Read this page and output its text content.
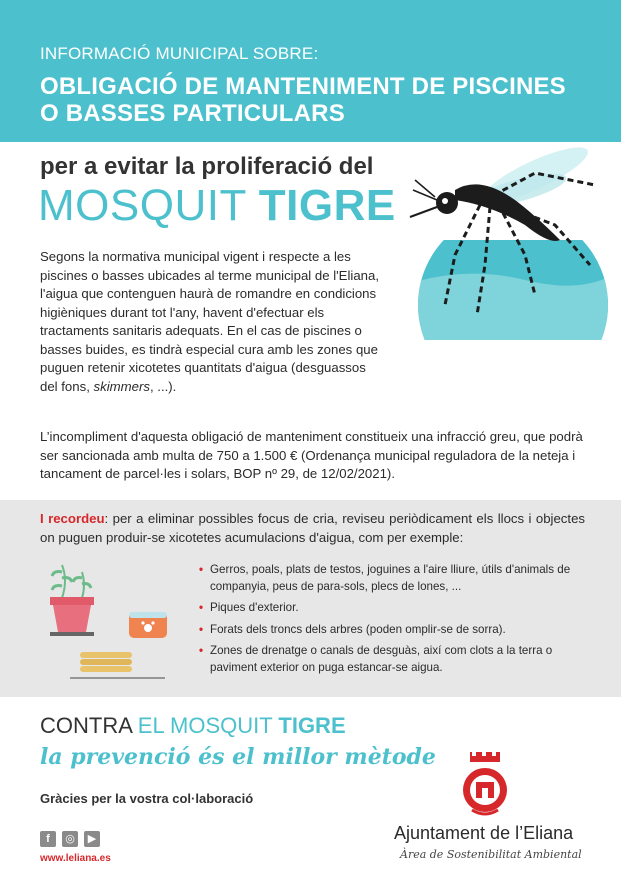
INFORMACIÓ MUNICIPAL SOBRE:
OBLIGACIÓ DE MANTENIMENT DE PISCINES
O BASSES PARTICULARS
per a evitar la proliferació del
MOSQUIT TIGRE
Segons la normativa municipal vigent i respecte a les piscines o basses ubicades al terme municipal de l'Eliana, l'aigua que contenguen haurà de romandre en condicions higièniques durant tot l'any, havent d'efectuar els tractaments sanitaris adequats. En el cas de piscines o basses buides, es tindrà especial cura amb les zones que puguen retenir xicotetes quantitats d'aigua (desguassos del fons, skimmers, ...).
L’incompliment d'aquesta obligació de manteniment constitueix una infracció greu, que podrà ser sancionada amb multa de 750 a 1.500 € (Ordenança municipal reguladora de la neteja i tancament de parcel·les i solars, BOP nº 29, de 12/02/2021).
I recordeu: per a eliminar possibles focus de cria, reviseu periòdicament els llocs i objectes on puguen produir-se xicotetes acumulacions d'aigua, com per exemple:
• Gerros, poals, plats de testos, joguines a l'aire lliure, útils d'animals de companyia, peus de para-sols, plecs de lones, ...
• Piques d'exterior.
• Forats dels troncs dels arbres (poden omplir-se de sorra).
• Zones de drenatge o canals de desguàs, així com clots a la terra o paviment exterior on puga estancar-se aigua.
CONTRA EL MOSQUIT TIGRE
la prevenció és el millor mètode
Gràcies per la vostra col·laboració
f	◎	▶
www.leliana.es
Ajuntament de l’Eliana
Àrea de Sostenibilitat Ambiental
